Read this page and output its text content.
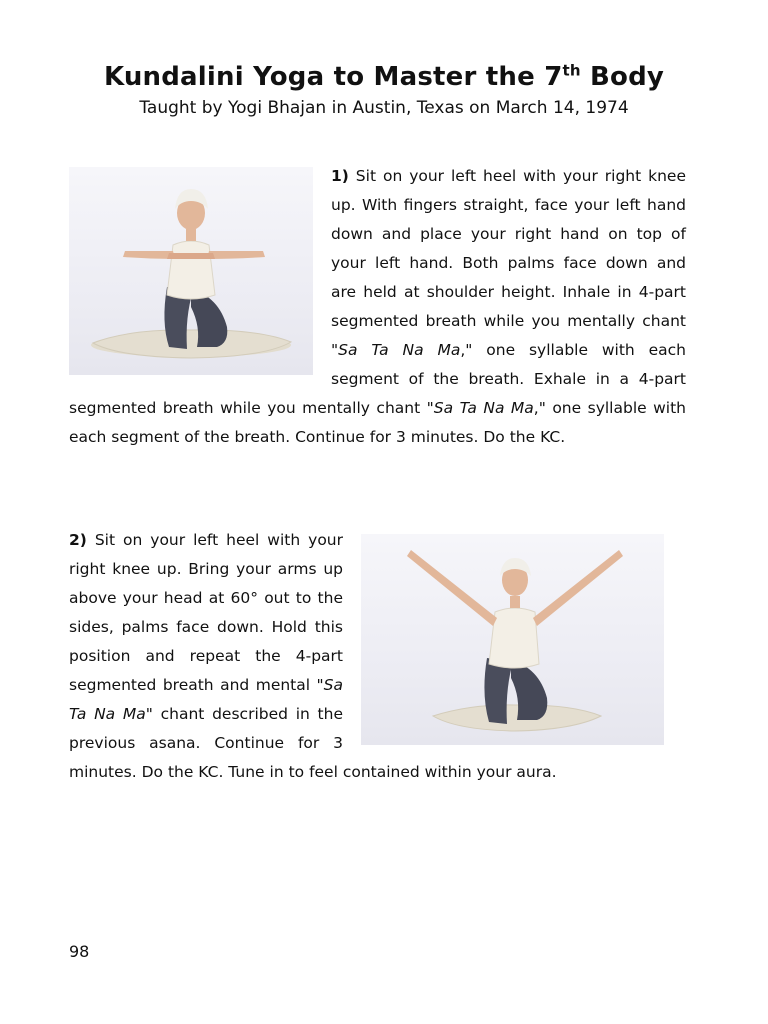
Kundalini Yoga to Master the 7th Body

Taught by Yogi Bhajan in Austin, Texas on March 14, 1974

1) Sit on your left heel with your right knee up. With fingers straight, face your left hand down and place your right hand on top of your left hand. Both palms face down and are held at shoulder height. Inhale in 4-part segmented breath while you mentally chant "Sa Ta Na Ma," one syllable with each segment of the breath. Exhale in a 4-part segmented breath while you mentally chant "Sa Ta Na Ma," one syllable with each segment of the breath. Continue for 3 minutes. Do the KC.

2) Sit on your left heel with your right knee up. Bring your arms up above your head at 60° out to the sides, palms face down. Hold this position and repeat the 4-part segmented breath and mental "Sa Ta Na Ma" chant described in the previous asana. Continue for 3 minutes. Do the KC. Tune in to feel contained within your aura.

98
